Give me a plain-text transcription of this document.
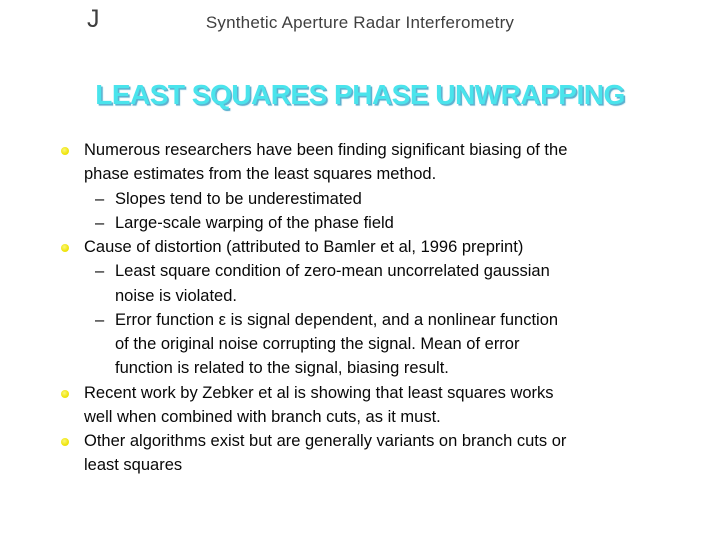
J	Synthetic Aperture Radar Interferometry
LEAST SQUARES PHASE UNWRAPPING
Numerous researchers have been finding significant biasing of the
phase estimates from the least squares method.
– Slopes tend to be underestimated
– Large-scale warping of the phase field
Cause of distortion (attributed to Bamler et al, 1996 preprint)
– Least square condition of zero-mean uncorrelated gaussian
noise is violated.
– Error function ε is signal dependent, and a nonlinear function
of the original noise corrupting the signal. Mean of error
function is related to the signal, biasing result.
Recent work by Zebker et al is showing that least squares works
well when combined with branch cuts, as it must.
Other algorithms exist but are generally variants on branch cuts or
least squares
